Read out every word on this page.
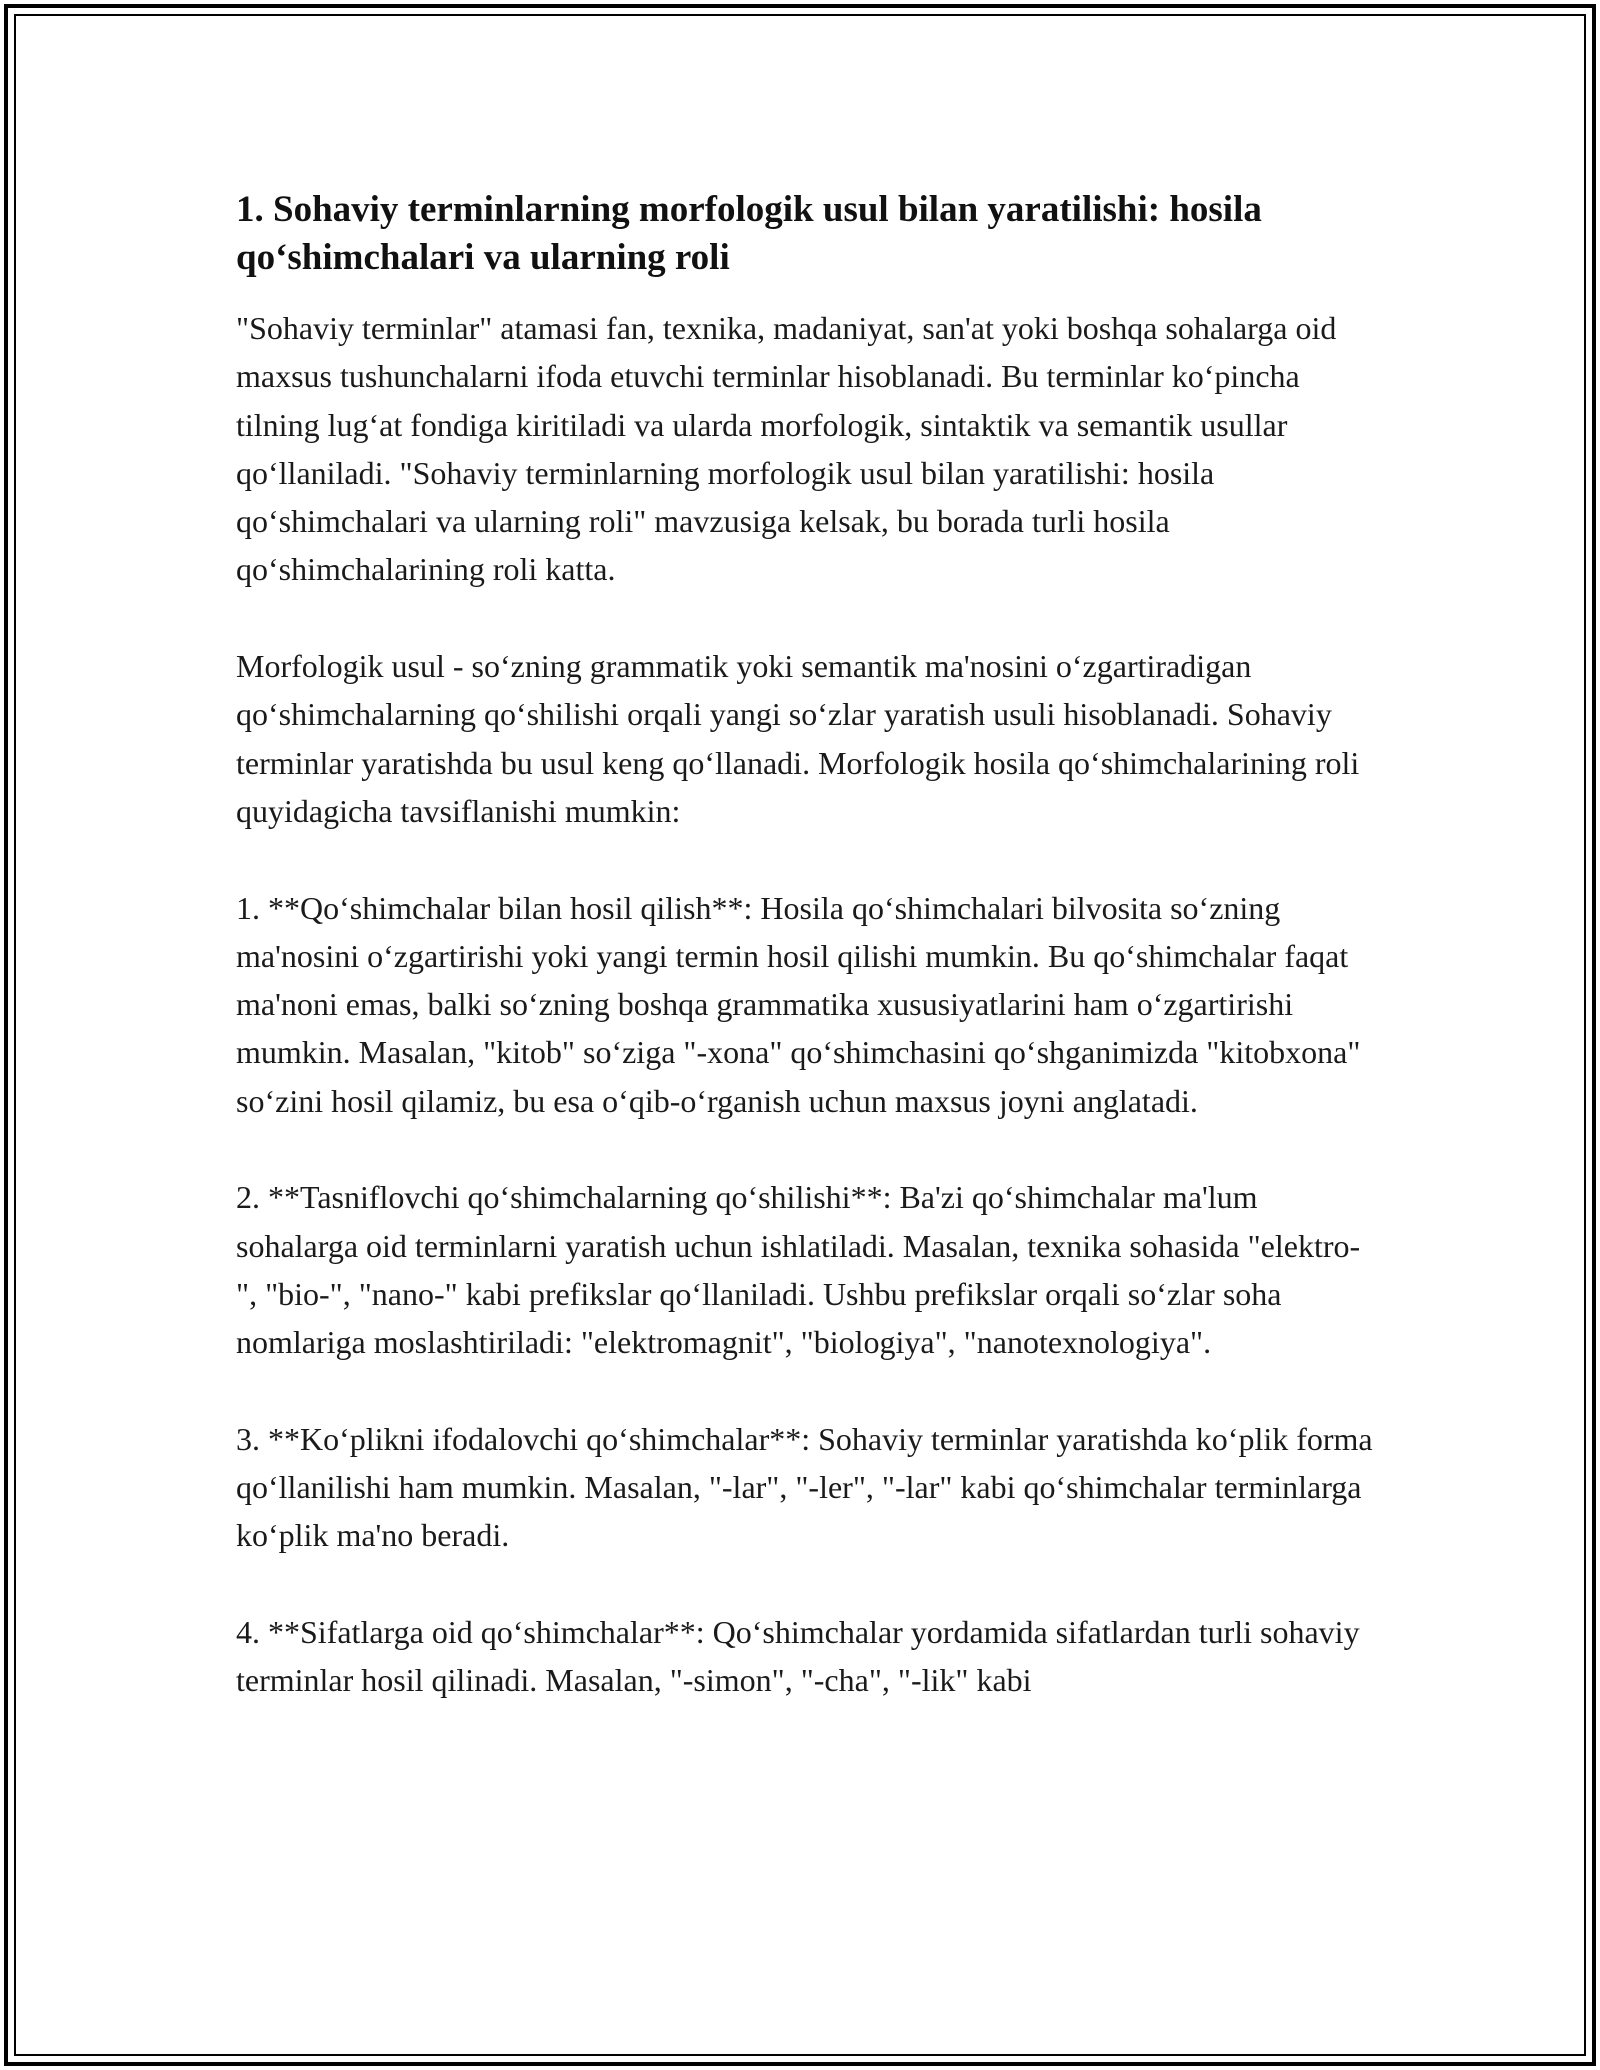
1. Sohaviy terminlarning morfologik usul bilan yaratilishi: hosila qo‘shimchalari va ularning roli

"Sohaviy terminlar" atamasi fan, texnika, madaniyat, san'at yoki boshqa sohalarga oid maxsus tushunchalarni ifoda etuvchi terminlar hisoblanadi. Bu terminlar ko‘pincha tilning lug‘at fondiga kiritiladi va ularda morfologik, sintaktik va semantik usullar qo‘llaniladi. "Sohaviy terminlarning morfologik usul bilan yaratilishi: hosila qo‘shimchalari va ularning roli" mavzusiga kelsak, bu borada turli hosila qo‘shimchalarining roli katta.

Morfologik usul - so‘zning grammatik yoki semantik ma'nosini o‘zgartiradigan qo‘shimchalarning qo‘shilishi orqali yangi so‘zlar yaratish usuli hisoblanadi. Sohaviy terminlar yaratishda bu usul keng qo‘llanadi. Morfologik hosila qo‘shimchalarining roli quyidagicha tavsiflanishi mumkin:

1. **Qo‘shimchalar bilan hosil qilish**: Hosila qo‘shimchalari bilvosita so‘zning ma'nosini o‘zgartirishi yoki yangi termin hosil qilishi mumkin. Bu qo‘shimchalar faqat ma'noni emas, balki so‘zning boshqa grammatika xususiyatlarini ham o‘zgartirishi mumkin. Masalan, "kitob" so‘ziga "-xona" qo‘shimchasini qo‘shganimizda "kitobxona" so‘zini hosil qilamiz, bu esa o‘qib-o‘rganish uchun maxsus joyni anglatadi.

2. **Tasniflovchi qo‘shimchalarning qo‘shilishi**: Ba'zi qo‘shimchalar ma'lum sohalarga oid terminlarni yaratish uchun ishlatiladi. Masalan, texnika sohasida "elektro-", "bio-", "nano-" kabi prefikslar qo‘llaniladi. Ushbu prefikslar orqali so‘zlar soha nomlariga moslashtiriladi: "elektromagnit", "biologiya", "nanotexnologiya".

3. **Ko‘plikni ifodalovchi qo‘shimchalar**: Sohaviy terminlar yaratishda ko‘plik forma qo‘llanilishi ham mumkin. Masalan, "-lar", "-ler", "-lar" kabi qo‘shimchalar terminlarga ko‘plik ma'no beradi.

4. **Sifatlarga oid qo‘shimchalar**: Qo‘shimchalar yordamida sifatlardan turli sohaviy terminlar hosil qilinadi. Masalan, "-simon", "-cha", "-lik" kabi
